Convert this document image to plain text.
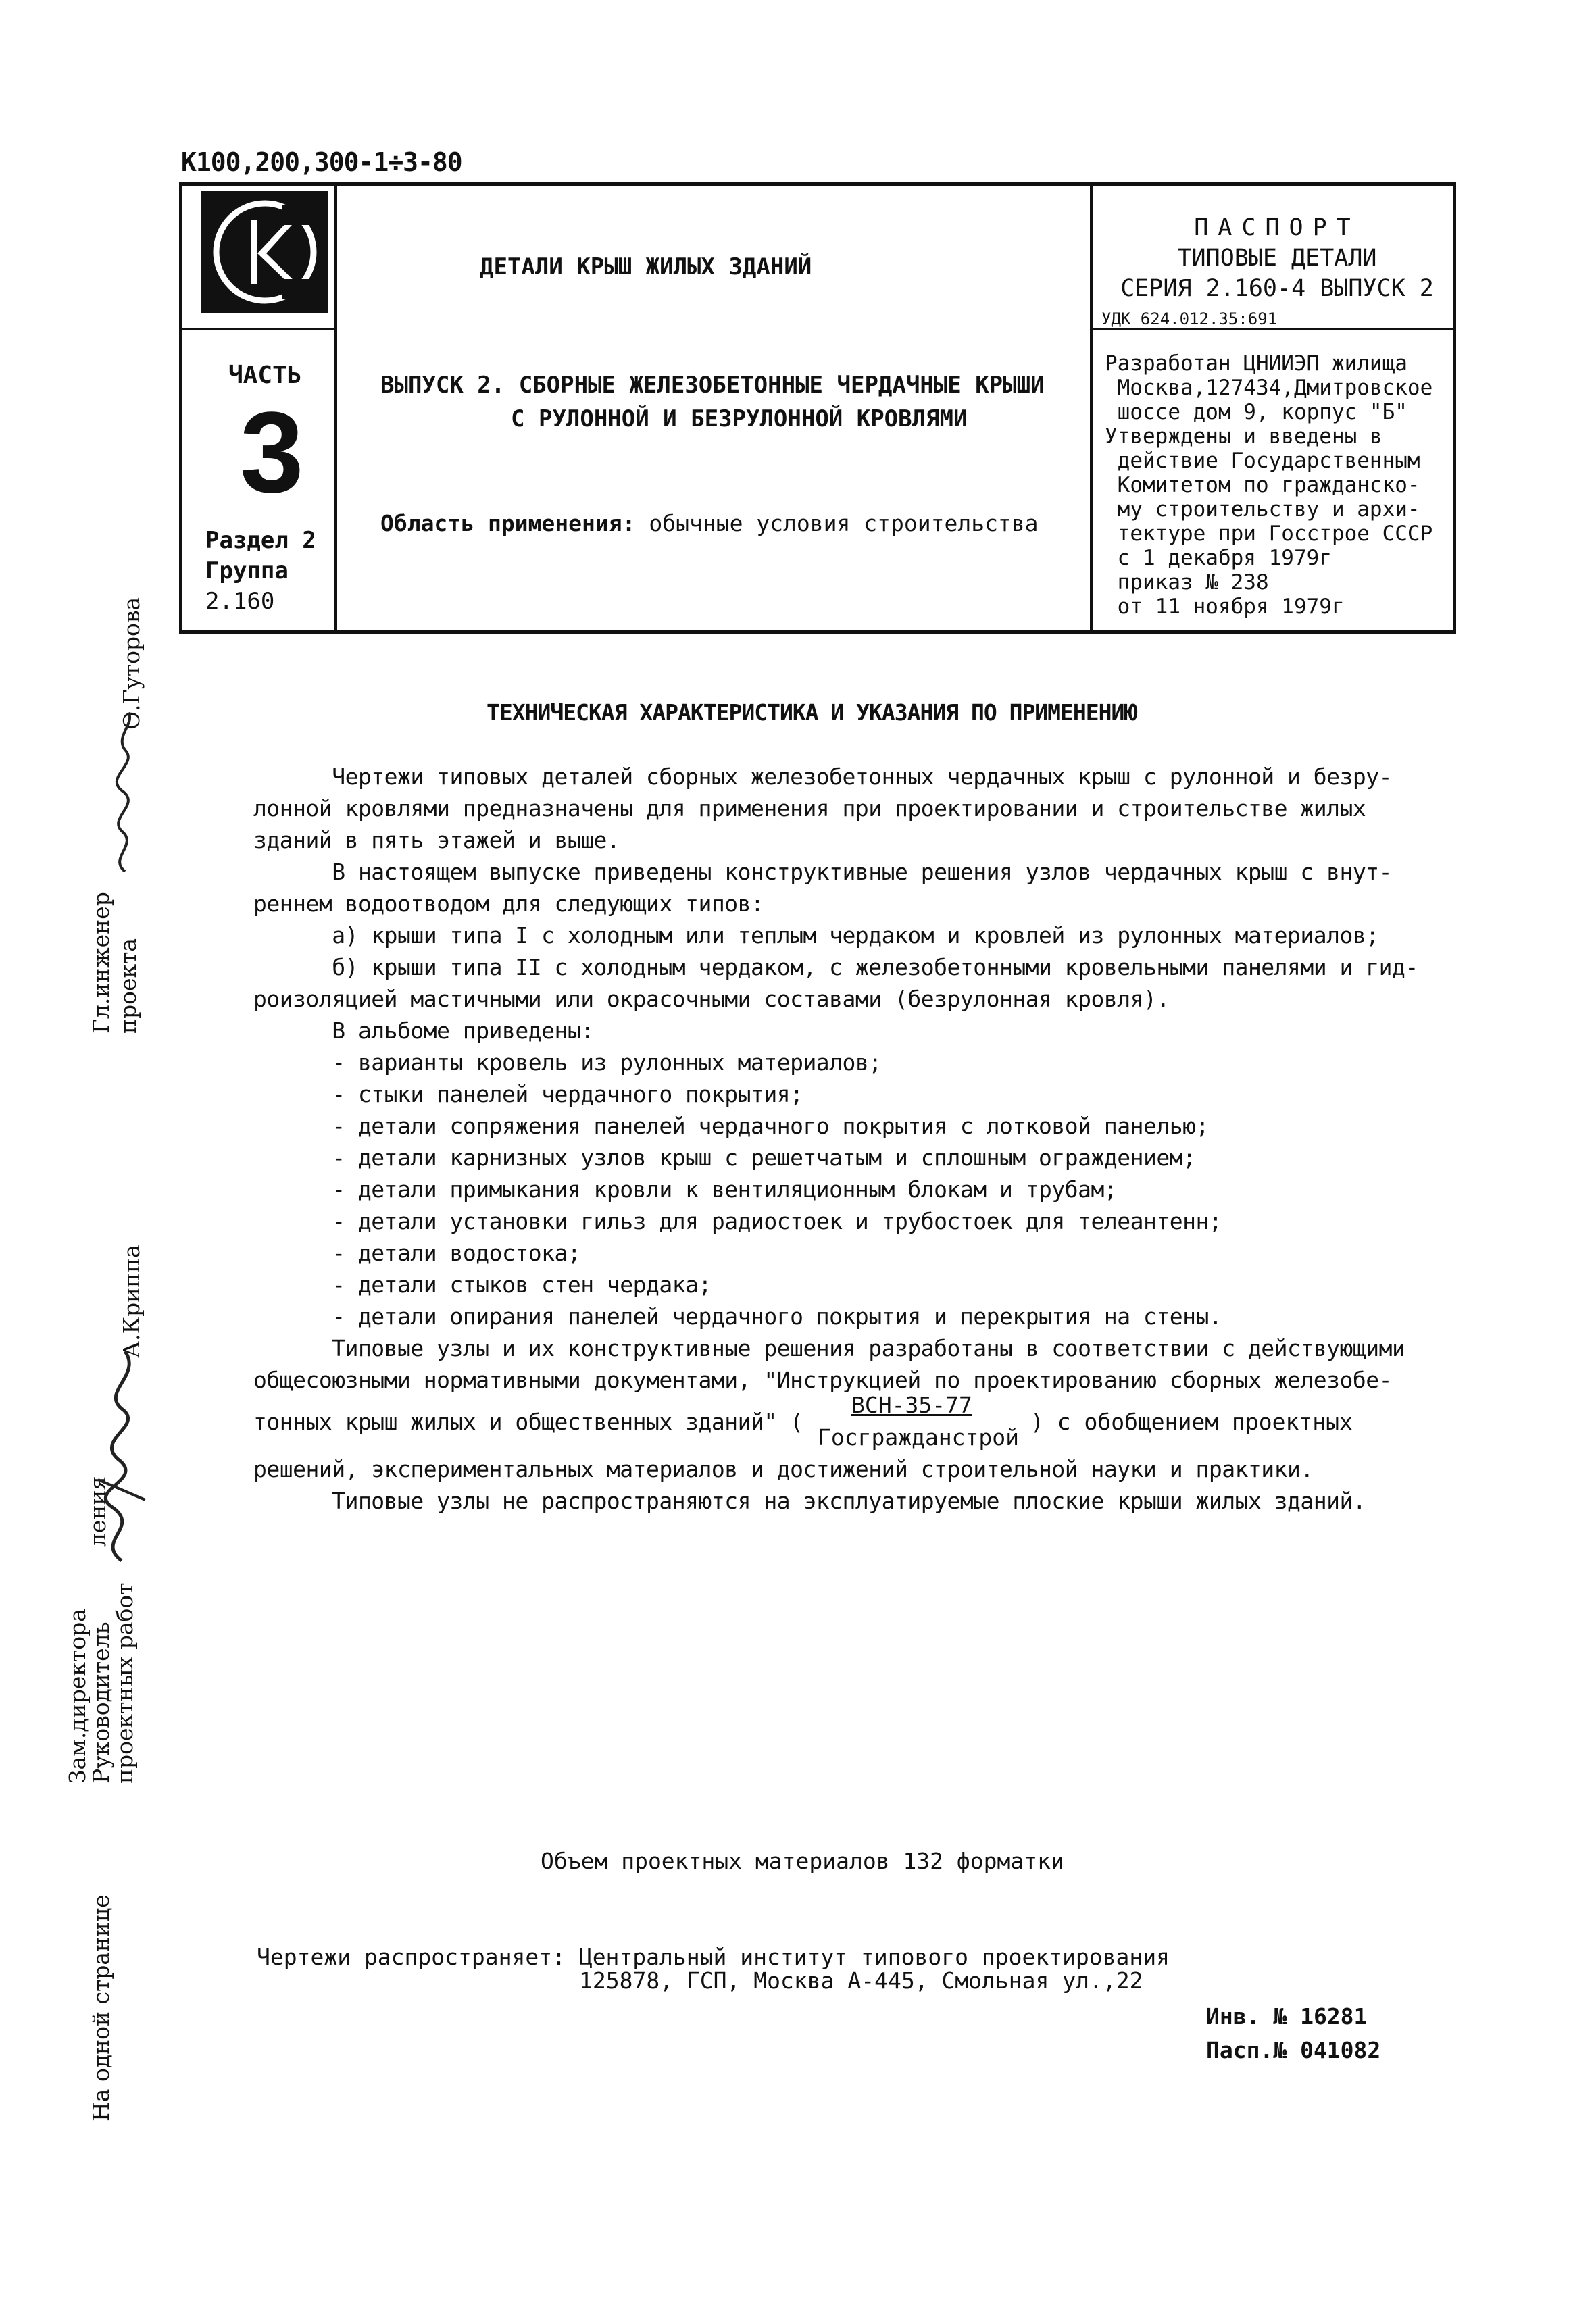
К100,200,300-1÷3-80
ДЕТАЛИ КРЫШ ЖИЛЫХ ЗДАНИЙ
ПАСПОРТ
ТИПОВЫЕ ДЕТАЛИ
СЕРИЯ 2.160-4 ВЫПУСК 2
УДК 624.012.35:691
ЧАСТЬ
3
Раздел 2
Группа
2.160
ВЫПУСК 2. СБОРНЫЕ ЖЕЛЕЗОБЕТОННЫЕ ЧЕРДАЧНЫЕ КРЫШИ
С РУЛОННОЙ И БЕЗРУЛОННОЙ КРОВЛЯМИ
Область применения: обычные условия строительства
Разработан ЦНИИЭП жилища
Москва,127434,Дмитровское
шоссе дом 9, корпус "Б"
Утверждены и введены в
действие Государственным
Комитетом по гражданско-
му строительству и архи-
тектуре при Госстрое СССР
с 1 декабря 1979г
приказ № 238
от 11 ноября 1979г
ТЕХНИЧЕСКАЯ ХАРАКТЕРИСТИКА И УКАЗАНИЯ ПО ПРИМЕНЕНИЮ
Чертежи типовых деталей сборных железобетонных чердачных крыш с рулонной и безру-
лонной кровлями предназначены для применения при проектировании и строительстве жилых
зданий в пять этажей и выше.
В настоящем выпуске приведены конструктивные решения узлов чердачных крыш с внут-
реннем водоотводом для следующих типов:
а) крыши типа I с холодным или теплым чердаком и кровлей из рулонных материалов;
б) крыши типа II с холодным чердаком, с железобетонными кровельными панелями и гид-
роизоляцией мастичными или окрасочными составами (безрулонная кровля).
В альбоме приведены:
- варианты кровель из рулонных материалов;
- стыки панелей чердачного покрытия;
- детали сопряжения панелей чердачного покрытия с лотковой панелью;
- детали карнизных узлов крыш с решетчатым и сплошным ограждением;
- детали примыкания кровли к вентиляционным блокам и трубам;
- детали установки гильз для радиостоек и трубостоек для телеантенн;
- детали водостока;
- детали стыков стен чердака;
- детали опирания панелей чердачного покрытия и перекрытия на стены.
Типовые узлы и их конструктивные решения разработаны в соответствии с действующими
общесоюзными нормативными документами, "Инструкцией по проектированию сборных железобе-
тонных крыш жилых и общественных зданий" (
ВСН-35-77
Госгражданстрой
) с обобщением проектных
решений, экспериментальных материалов и достижений строительной науки и практики.
Типовые узлы не распространяются на эксплуатируемые плоские крыши жилых зданий.
Гл.инженер проекта
О.Гуторова
Зам.директора
Руководитель
проектных работ
ления
А.Криппа
На одной странице
Объем проектных материалов 132 форматки
Чертежи распространяет: Центральный институт типового проектирования
125878, ГСП, Москва А-445, Смольная ул.,22
Инв. № 16281
Пасп.№ 041082
